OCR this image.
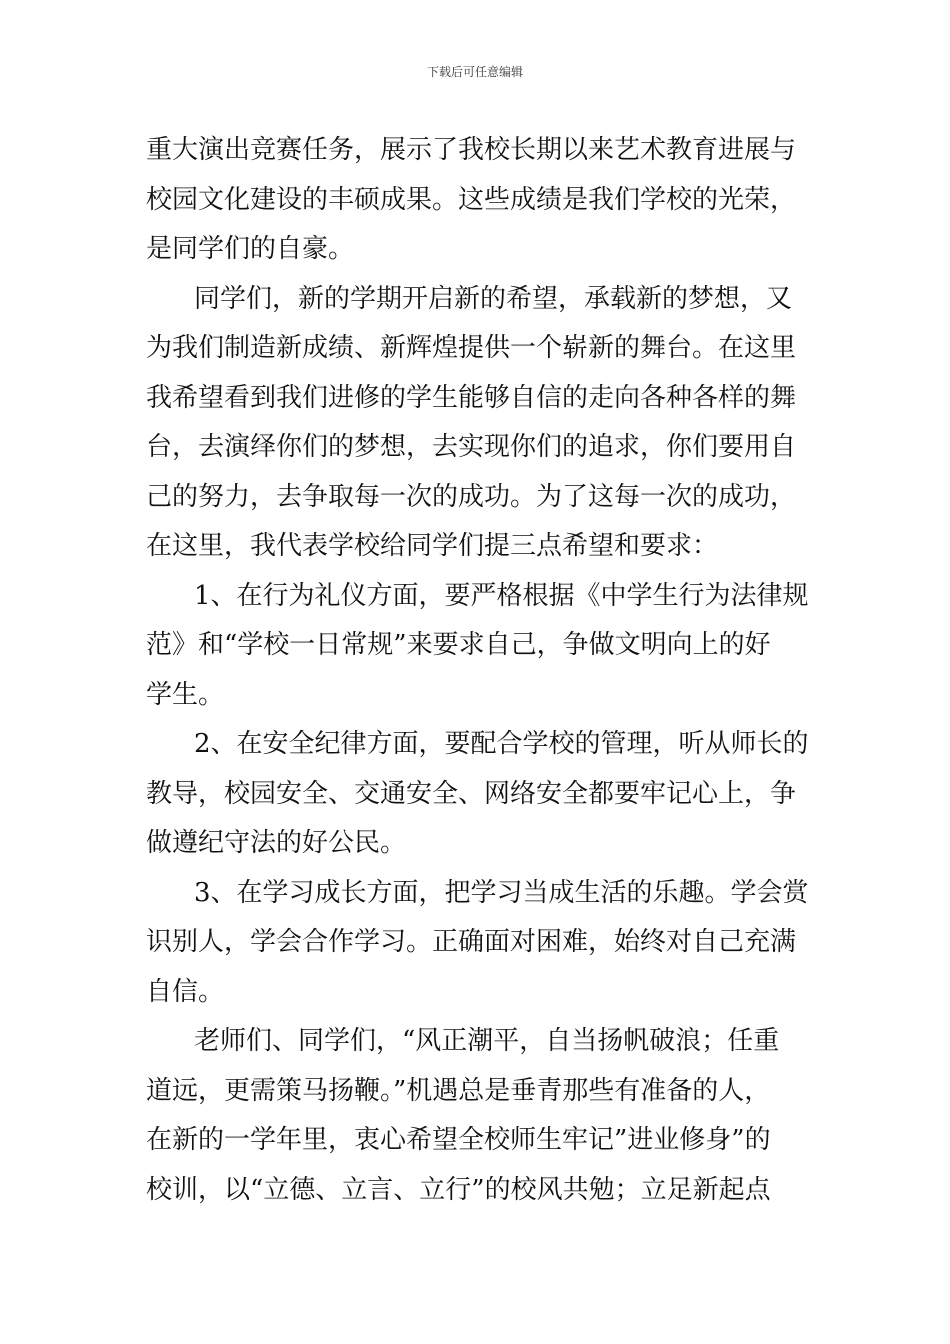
下载后可任意编辑
重大演出竞赛任务，展示了我校长期以来艺术教育进展与
校园文化建设的丰硕成果。这些成绩是我们学校的光荣，
是同学们的自豪。
同学们，新的学期开启新的希望，承载新的梦想，又
为我们制造新成绩、新辉煌提供一个崭新的舞台。在这里
我希望看到我们进修的学生能够自信的走向各种各样的舞
台，去演绎你们的梦想，去实现你们的追求，你们要用自
己的努力，去争取每一次的成功。为了这每一次的成功，
在这里，我代表学校给同学们提三点希望和要求：
1、在行为礼仪方面，要严格根据《中学生行为法律规
范》和“学校一日常规”来要求自己，争做文明向上的好
学生。
2、在安全纪律方面，要配合学校的管理，听从师长的
教导，校园安全、交通安全、网络安全都要牢记心上，争
做遵纪守法的好公民。
3、在学习成长方面，把学习当成生活的乐趣。学会赏
识别人，学会合作学习。正确面对困难，始终对自己充满
自信。
老师们、同学们，“风正潮平，自当扬帆破浪；任重
道远，更需策马扬鞭。”机遇总是垂青那些有准备的人，
在新的一学年里，衷心希望全校师生牢记”进业修身”的
校训，以“立德、立言、立行”的校风共勉；立足新起点
